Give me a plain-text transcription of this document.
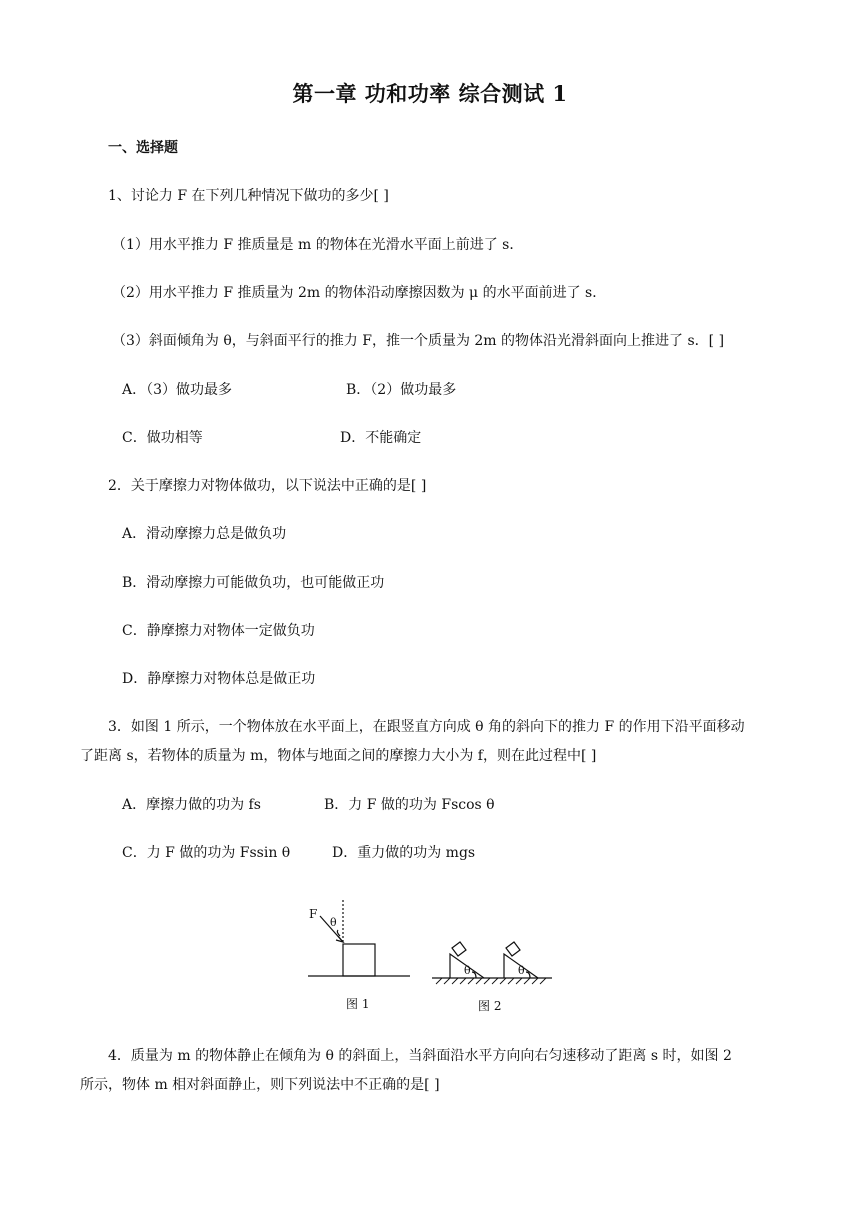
第一章 功和功率 综合测试 1
一、选择题
1、讨论力 F 在下列几种情况下做功的多少[ ]
（1）用水平推力 F 推质量是 m 的物体在光滑水平面上前进了 s．
（2）用水平推力 F 推质量为 2m 的物体沿动摩擦因数为 μ 的水平面前进了 s．
（3）斜面倾角为 θ，与斜面平行的推力 F，推一个质量为 2m 的物体沿光滑斜面向上推进了 s．[ ]
A．（3）做功最多	B．（2）做功最多
C．做功相等	D．不能确定
2．关于摩擦力对物体做功，以下说法中正确的是[ ]
A．滑动摩擦力总是做负功
B．滑动摩擦力可能做负功，也可能做正功
C．静摩擦力对物体一定做负功
D．静摩擦力对物体总是做正功
3．如图 1 所示，一个物体放在水平面上，在跟竖直方向成 θ 角的斜向下的推力 F 的作用下沿平面移动
了距离 s，若物体的质量为 m，物体与地面之间的摩擦力大小为 f，则在此过程中[ ]
A．摩擦力做的功为 fs	B．力 F 做的功为 Fscos θ
C．力 F 做的功为 Fssin θ	D．重力做的功为 mgs
F
θ
θ	θ
图 1	图 2
4．质量为 m 的物体静止在倾角为 θ 的斜面上，当斜面沿水平方向向右匀速移动了距离 s 时，如图 2
所示，物体 m 相对斜面静止，则下列说法中不正确的是[ ]
